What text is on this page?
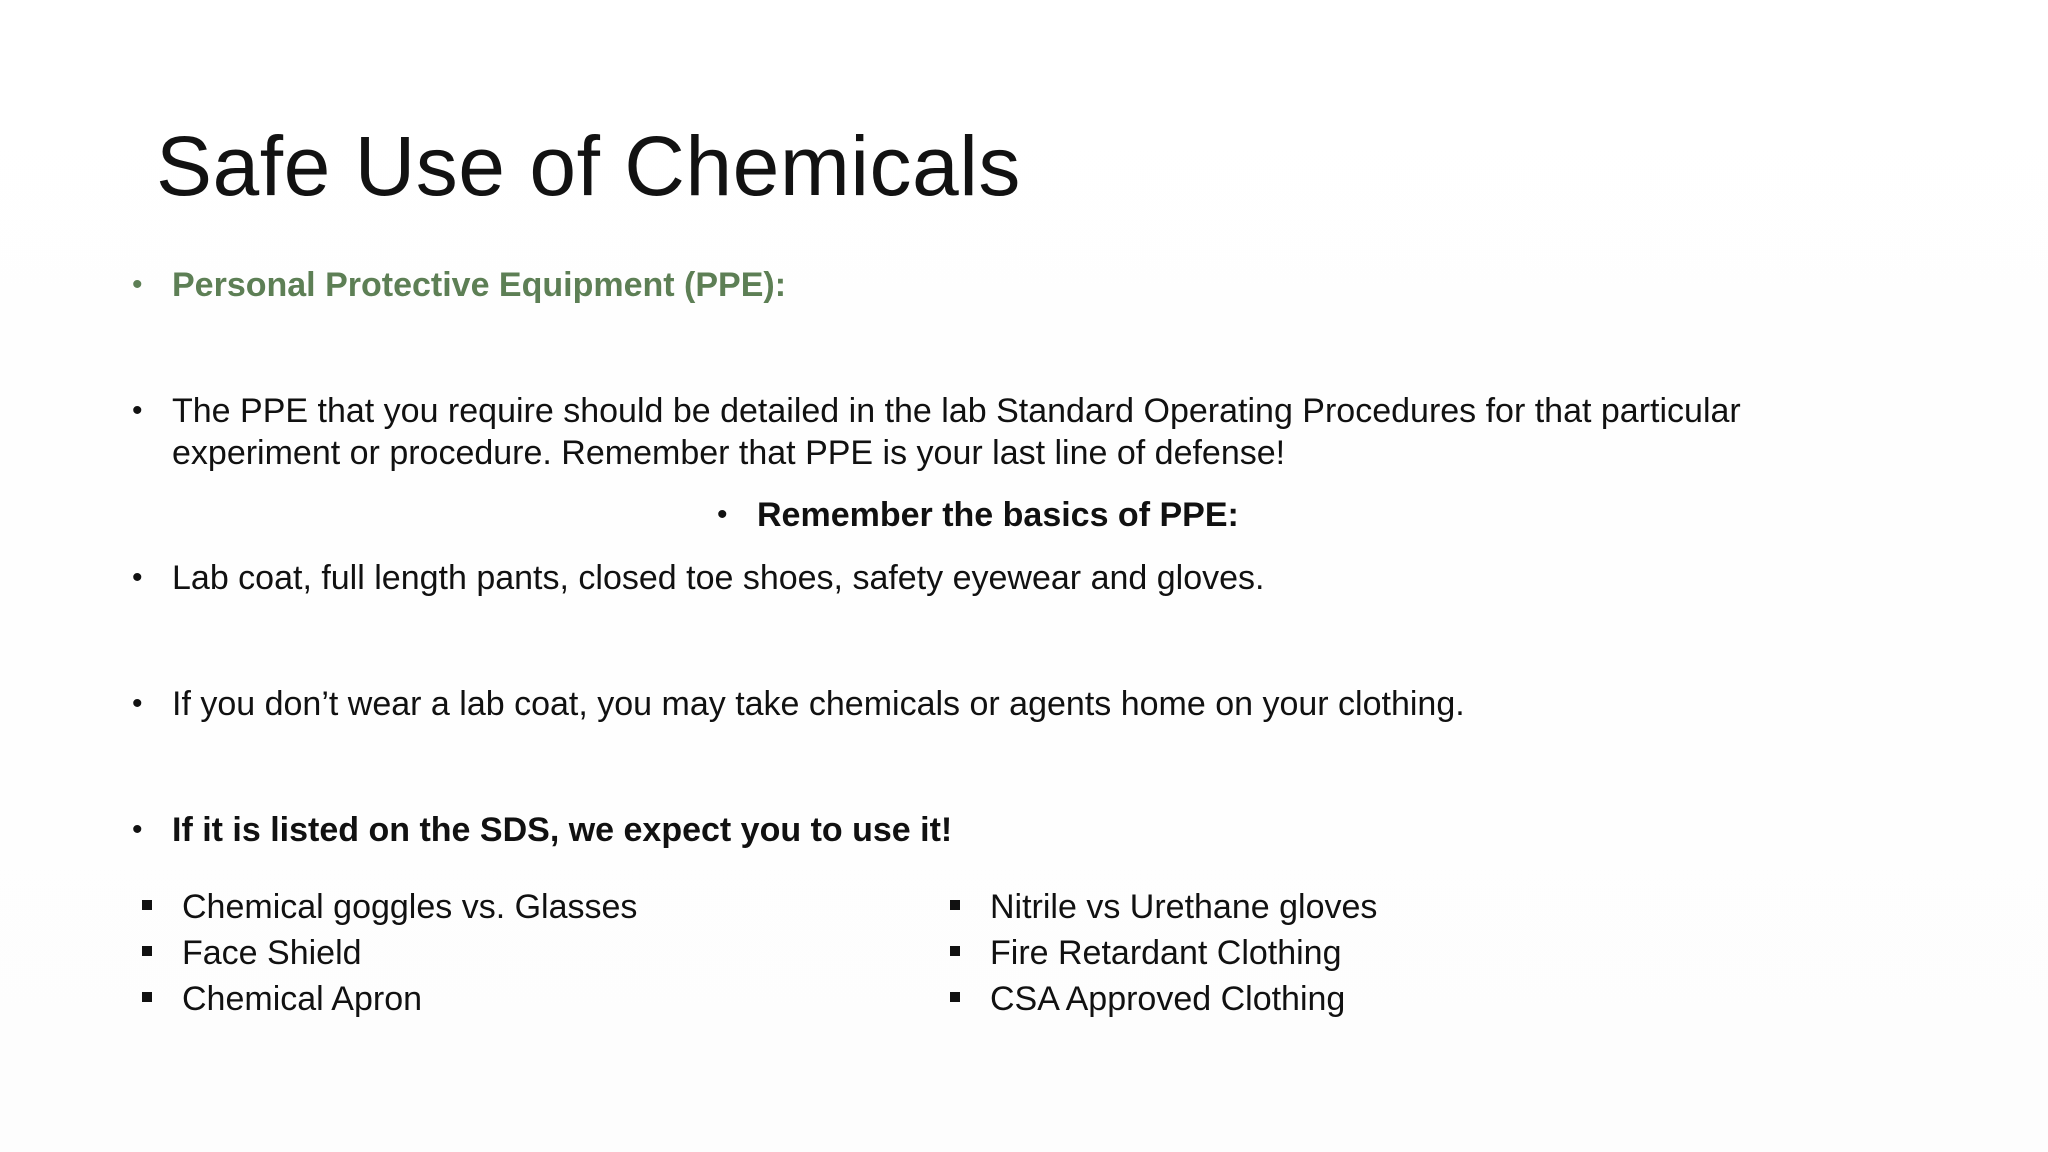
Safe Use of Chemicals
• Personal Protective Equipment (PPE):
• The PPE that you require should be detailed in the lab Standard Operating Procedures for that particular
experiment or procedure. Remember that PPE is your last line of defense!
• Remember the basics of PPE:
• Lab coat, full length pants, closed toe shoes, safety eyewear and gloves.
• If you don’t wear a lab coat, you may take chemicals or agents home on your clothing.
• If it is listed on the SDS, we expect you to use it!
Chemical goggles vs. Glasses
Face Shield
Chemical Apron
Nitrile vs Urethane gloves
Fire Retardant Clothing
CSA Approved Clothing
